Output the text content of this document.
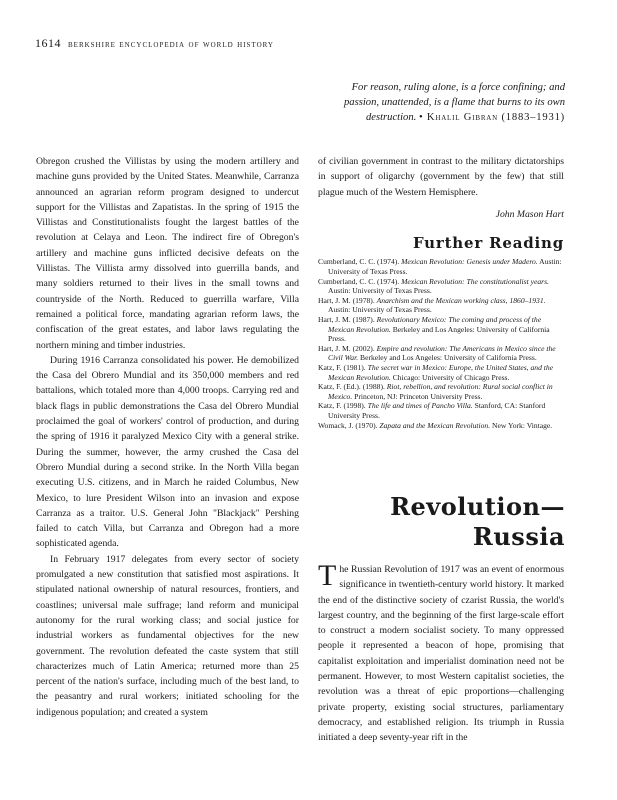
1614 berkshire encyclopedia of world history
For reason, ruling alone, is a force confining; and passion, unattended, is a flame that burns to its own destruction. • Khalil Gibran (1883–1931)

Obregon crushed the Villistas by using the modern artillery and machine guns provided by the United States. Meanwhile, Carranza announced an agrarian reform program designed to undercut support for the Villistas and Zapatistas. In the spring of 1915 the Villistas and Constitutionalists fought the largest battles of the revolution at Celaya and Leon. The indirect fire of Obregon's artillery and machine guns inflicted decisive defeats on the Villistas. The Villista army dissolved into guerrilla bands, and many soldiers returned to their lives in the small towns and countryside of the North. Reduced to guerrilla warfare, Villa remained a political force, mandating agrarian reform laws, the confiscation of the great estates, and labor laws regulating the northern mining and timber industries.

During 1916 Carranza consolidated his power. He demobilized the Casa del Obrero Mundial and its 350,000 members and red battalions, which totaled more than 4,000 troops. Carrying red and black flags in public demonstrations the Casa del Obrero Mundial proclaimed the goal of workers' control of production, and during the spring of 1916 it paralyzed Mexico City with a general strike. During the summer, however, the army crushed the Casa del Obrero Mundial during a second strike. In the North Villa began executing U.S. citizens, and in March he raided Columbus, New Mexico, to lure President Wilson into an invasion and expose Carranza as a traitor. U.S. General John "Blackjack" Pershing failed to catch Villa, but Carranza and Obregon had a more sophisticated agenda.

In February 1917 delegates from every sector of society promulgated a new constitution that satisfied most aspirations. It stipulated national ownership of natural resources, frontiers, and coastlines; universal male suffrage; land reform and municipal autonomy for the rural working class; and social justice for industrial workers as fundamental objectives for the new government. The revolution defeated the caste system that still characterizes much of Latin America; returned more than 25 percent of the nation's surface, including much of the best land, to the peasantry and rural workers; initiated schooling for the indigenous population; and created a system

of civilian government in contrast to the military dictatorships in support of oligarchy (government by the few) that still plague much of the Western Hemisphere.

John Mason Hart

Further Reading

Cumberland, C. C. (1974). Mexican Revolution: Genesis under Madero. Austin: University of Texas Press.

Cumberland, C. C. (1974). Mexican Revolution: The constitutionalist years. Austin: University of Texas Press.

Hart, J. M. (1978). Anarchism and the Mexican working class, 1860–1931. Austin: University of Texas Press.

Hart, J. M. (1987). Revolutionary Mexico: The coming and process of the Mexican Revolution. Berkeley and Los Angeles: University of California Press.

Hart, J. M. (2002). Empire and revolution: The Americans in Mexico since the Civil War. Berkeley and Los Angeles: University of California Press.

Katz, F. (1981). The secret war in Mexico: Europe, the United States, and the Mexican Revolution. Chicago: University of Chicago Press.

Katz, F. (Ed.). (1988). Riot, rebellion, and revolution: Rural social conflict in Mexico. Princeton, NJ: Princeton University Press.

Katz, F. (1998). The life and times of Pancho Villa. Stanford, CA: Stanford University Press.

Womack, J. (1970). Zapata and the Mexican Revolution. New York: Vintage.

Revolution—
Russia

The Russian Revolution of 1917 was an event of enormous significance in twentieth-century world history. It marked the end of the distinctive society of czarist Russia, the world's largest country, and the beginning of the first large-scale effort to construct a modern socialist society. To many oppressed people it represented a beacon of hope, promising that capitalist exploitation and imperialist domination need not be permanent. However, to most Western capitalist societies, the revolution was a threat of epic proportions—challenging private property, existing social structures, parliamentary democracy, and established religion. Its triumph in Russia initiated a deep seventy-year rift in the
